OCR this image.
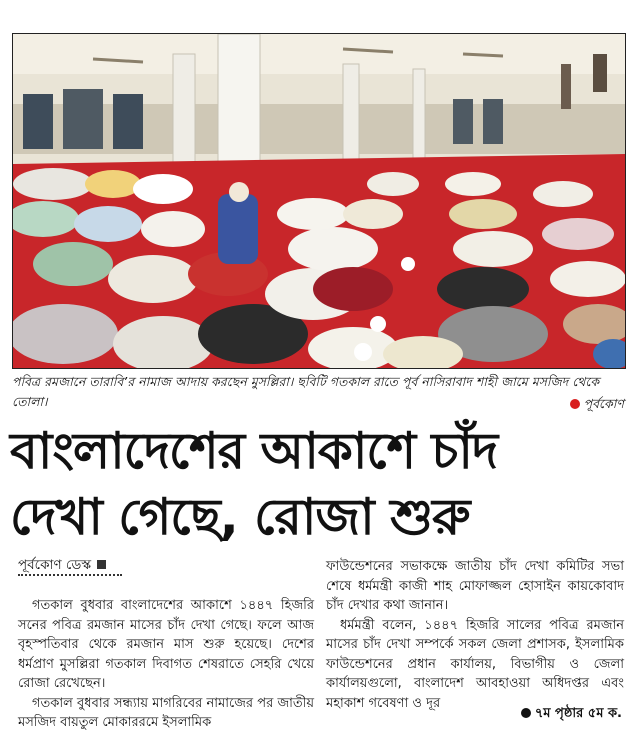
পবিত্র রমজানে তারাবি’র নামাজ আদায় করছেন মুসল্লিরা। ছবিটি গতকাল রাতে পূর্ব নাসিরাবাদ শাহী জামে মসজিদ থেকে তোলা।	পূর্বকোণ
বাংলাদেশের আকাশে চাঁদ
দেখা গেছে, রোজা শুরু
পূর্বকোণ ডেস্ক

গতকাল বুধবার বাংলাদেশের আকাশে ১৪৪৭ হিজরি সনের পবিত্র রমজান মাসের চাঁদ দেখা গেছে। ফলে আজ বৃহস্পতিবার থেকে রমজান মাস শুরু হয়েছে। দেশের ধর্মপ্রাণ মুসল্লিরা গতকাল দিবাগত শেষরাতে সেহরি খেয়ে রোজা রেখেছেন।

গতকাল বুধবার সন্ধ্যায় মাগরিবের নামাজের পর জাতীয় মসজিদ বায়তুল মোকাররমে ইসলামিক

ফাউন্ডেশনের সভাকক্ষে জাতীয় চাঁদ দেখা কমিটির সভা শেষে ধর্মমন্ত্রী কাজী শাহ মোফাজ্জল হোসাইন কায়কোবাদ চাঁদ দেখার কথা জানান।

ধর্মমন্ত্রী বলেন, ১৪৪৭ হিজরি সালের পবিত্র রমজান মাসের চাঁদ দেখা সম্পর্কে সকল জেলা প্রশাসক, ইসলামিক ফাউন্ডেশনের প্রধান কার্যালয়, বিভাগীয় ও জেলা কার্যালয়গুলো, বাংলাদেশ আবহাওয়া অধিদপ্তর এবং মহাকাশ গবেষণা ও দূর

৭ম পৃষ্ঠার ৫ম ক.
